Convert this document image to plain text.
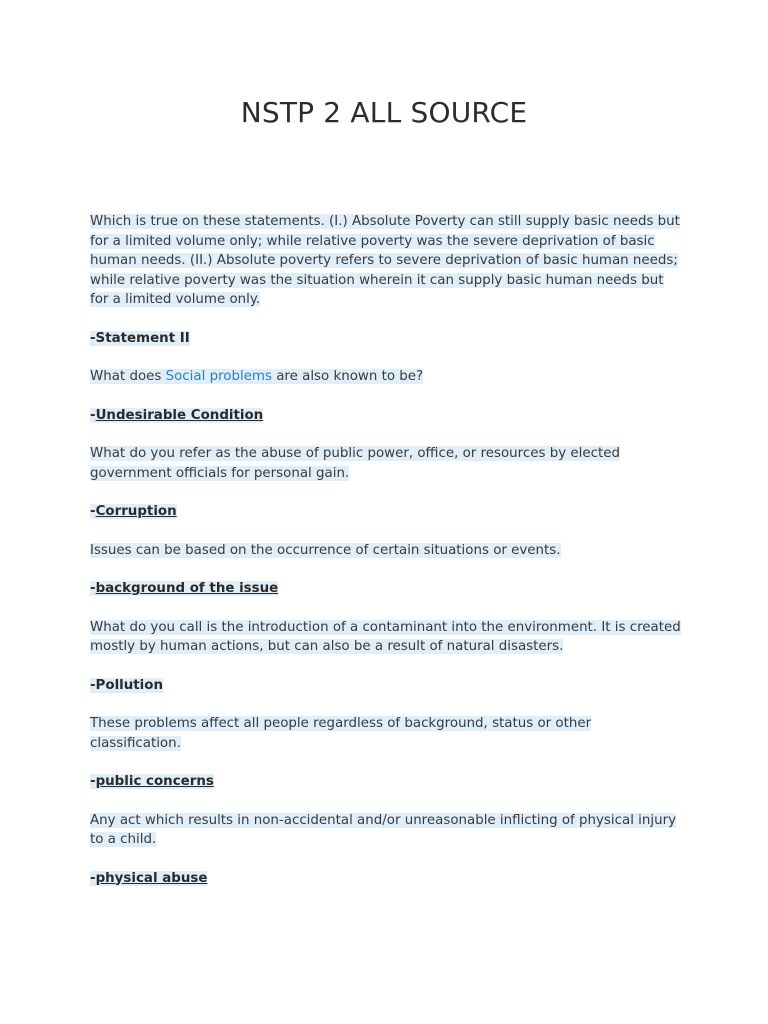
NSTP 2 ALL SOURCE

Which is true on these statements. (I.) Absolute Poverty can still supply basic needs but for a limited volume only; while relative poverty was the severe deprivation of basic human needs. (II.) Absolute poverty refers to severe deprivation of basic human needs; while relative poverty was the situation wherein it can supply basic human needs but for a limited volume only.

-Statement II

What does Social problems are also known to be?

-Undesirable Condition

What do you refer as the abuse of public power, office, or resources by elected government officials for personal gain.

-Corruption

Issues can be based on the occurrence of certain situations or events.

-background of the issue

What do you call is the introduction of a contaminant into the environment. It is created mostly by human actions, but can also be a result of natural disasters.

-Pollution

These problems affect all people regardless of background, status or other classification.

-public concerns

Any act which results in non-accidental and/or unreasonable inflicting of physical injury to a child.

-physical abuse
